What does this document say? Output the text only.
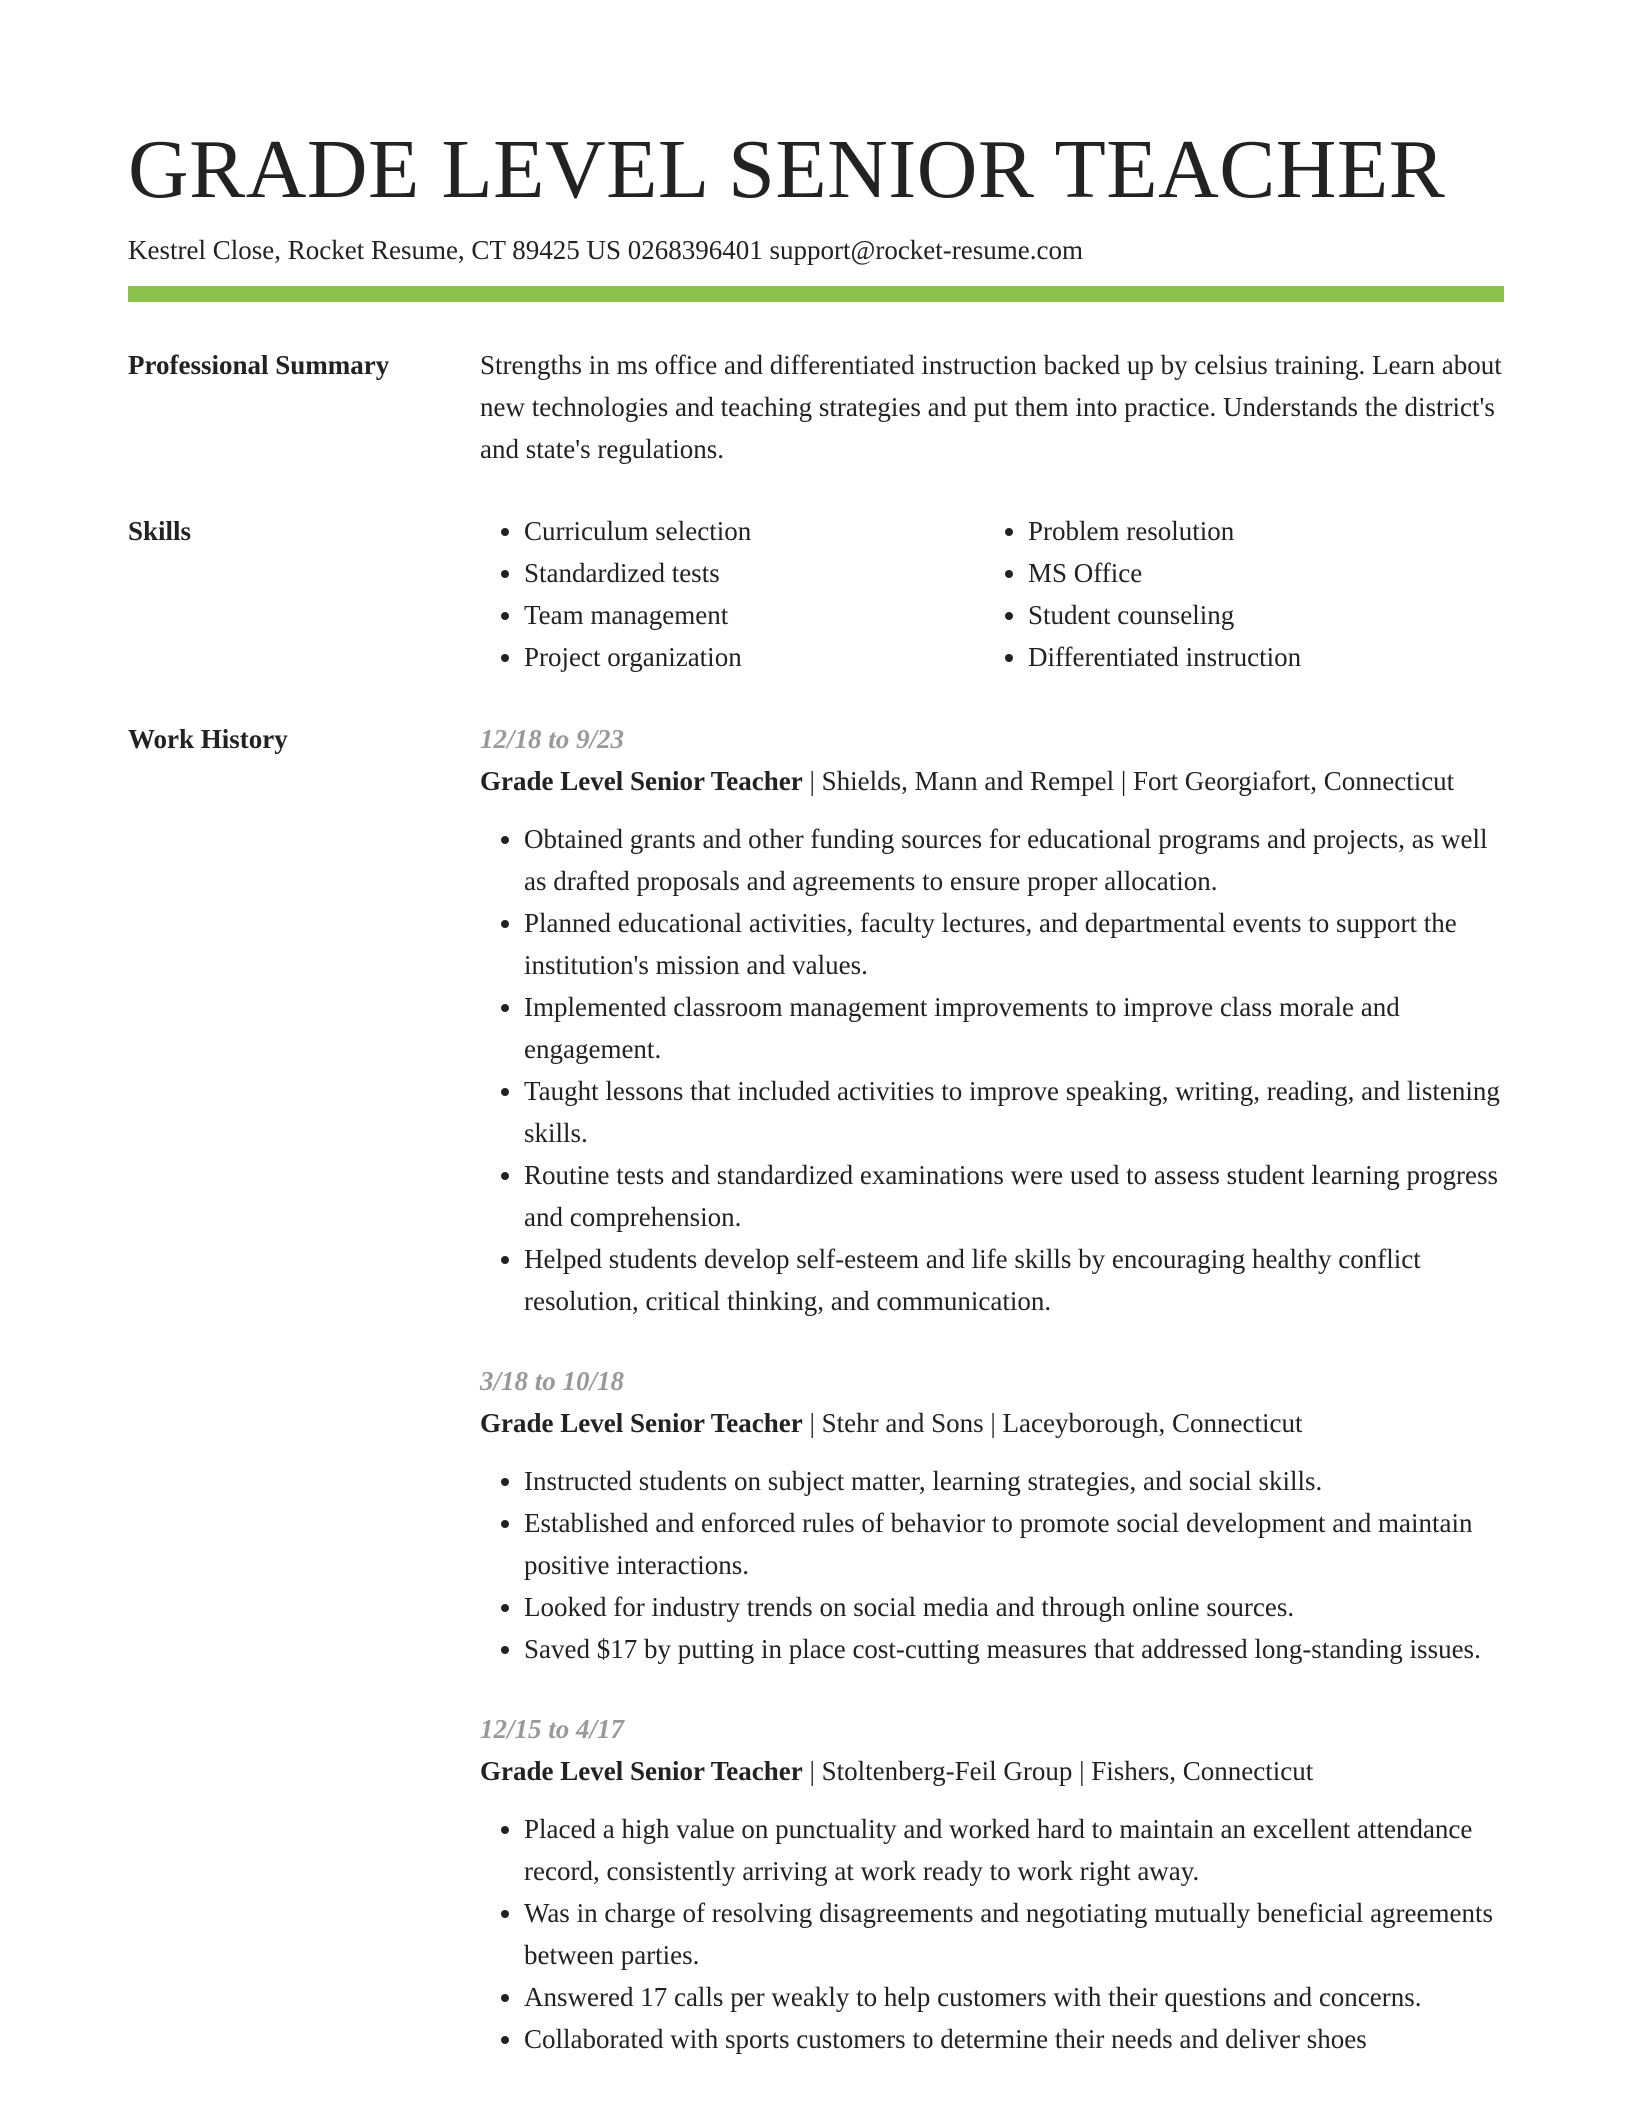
GRADE LEVEL SENIOR TEACHER
Kestrel Close, Rocket Resume, CT 89425 US 0268396401 support@rocket-resume.com
Professional Summary	Strengths in ms office and differentiated instruction backed up by celsius training. Learn about new technologies and teaching strategies and put them into practice. Understands the district's and state's regulations.

Skills
•	Curriculum selection
• Standardized tests
• Team management
• Project organization
• Problem resolution
• MS Office
• Student counseling
• Differentiated instruction
Work History	12/18 to 9/23
Grade Level Senior Teacher | Shields, Mann and Rempel | Fort Georgiafort, Connecticut
• Obtained grants and other funding sources for educational programs and projects, as well as drafted proposals and agreements to ensure proper allocation.
• Planned educational activities, faculty lectures, and departmental events to support the institution's mission and values.
• Implemented classroom management improvements to improve class morale and engagement.
• Taught lessons that included activities to improve speaking, writing, reading, and listening skills.
• Routine tests and standardized examinations were used to assess student learning progress and comprehension.
• Helped students develop self-esteem and life skills by encouraging healthy conflict resolution, critical thinking, and communication.
3/18 to 10/18
Grade Level Senior Teacher | Stehr and Sons | Laceyborough, Connecticut
• Instructed students on subject matter, learning strategies, and social skills.
• Established and enforced rules of behavior to promote social development and maintain positive interactions.
• Looked for industry trends on social media and through online sources.
• Saved $17 by putting in place cost-cutting measures that addressed long-standing issues.
12/15 to 4/17
Grade Level Senior Teacher | Stoltenberg-Feil Group | Fishers, Connecticut
• Placed a high value on punctuality and worked hard to maintain an excellent attendance record, consistently arriving at work ready to work right away.
• Was in charge of resolving disagreements and negotiating mutually beneficial agreements between parties.
• Answered 17 calls per weakly to help customers with their questions and concerns.
• Collaborated with sports customers to determine their needs and deliver shoes
